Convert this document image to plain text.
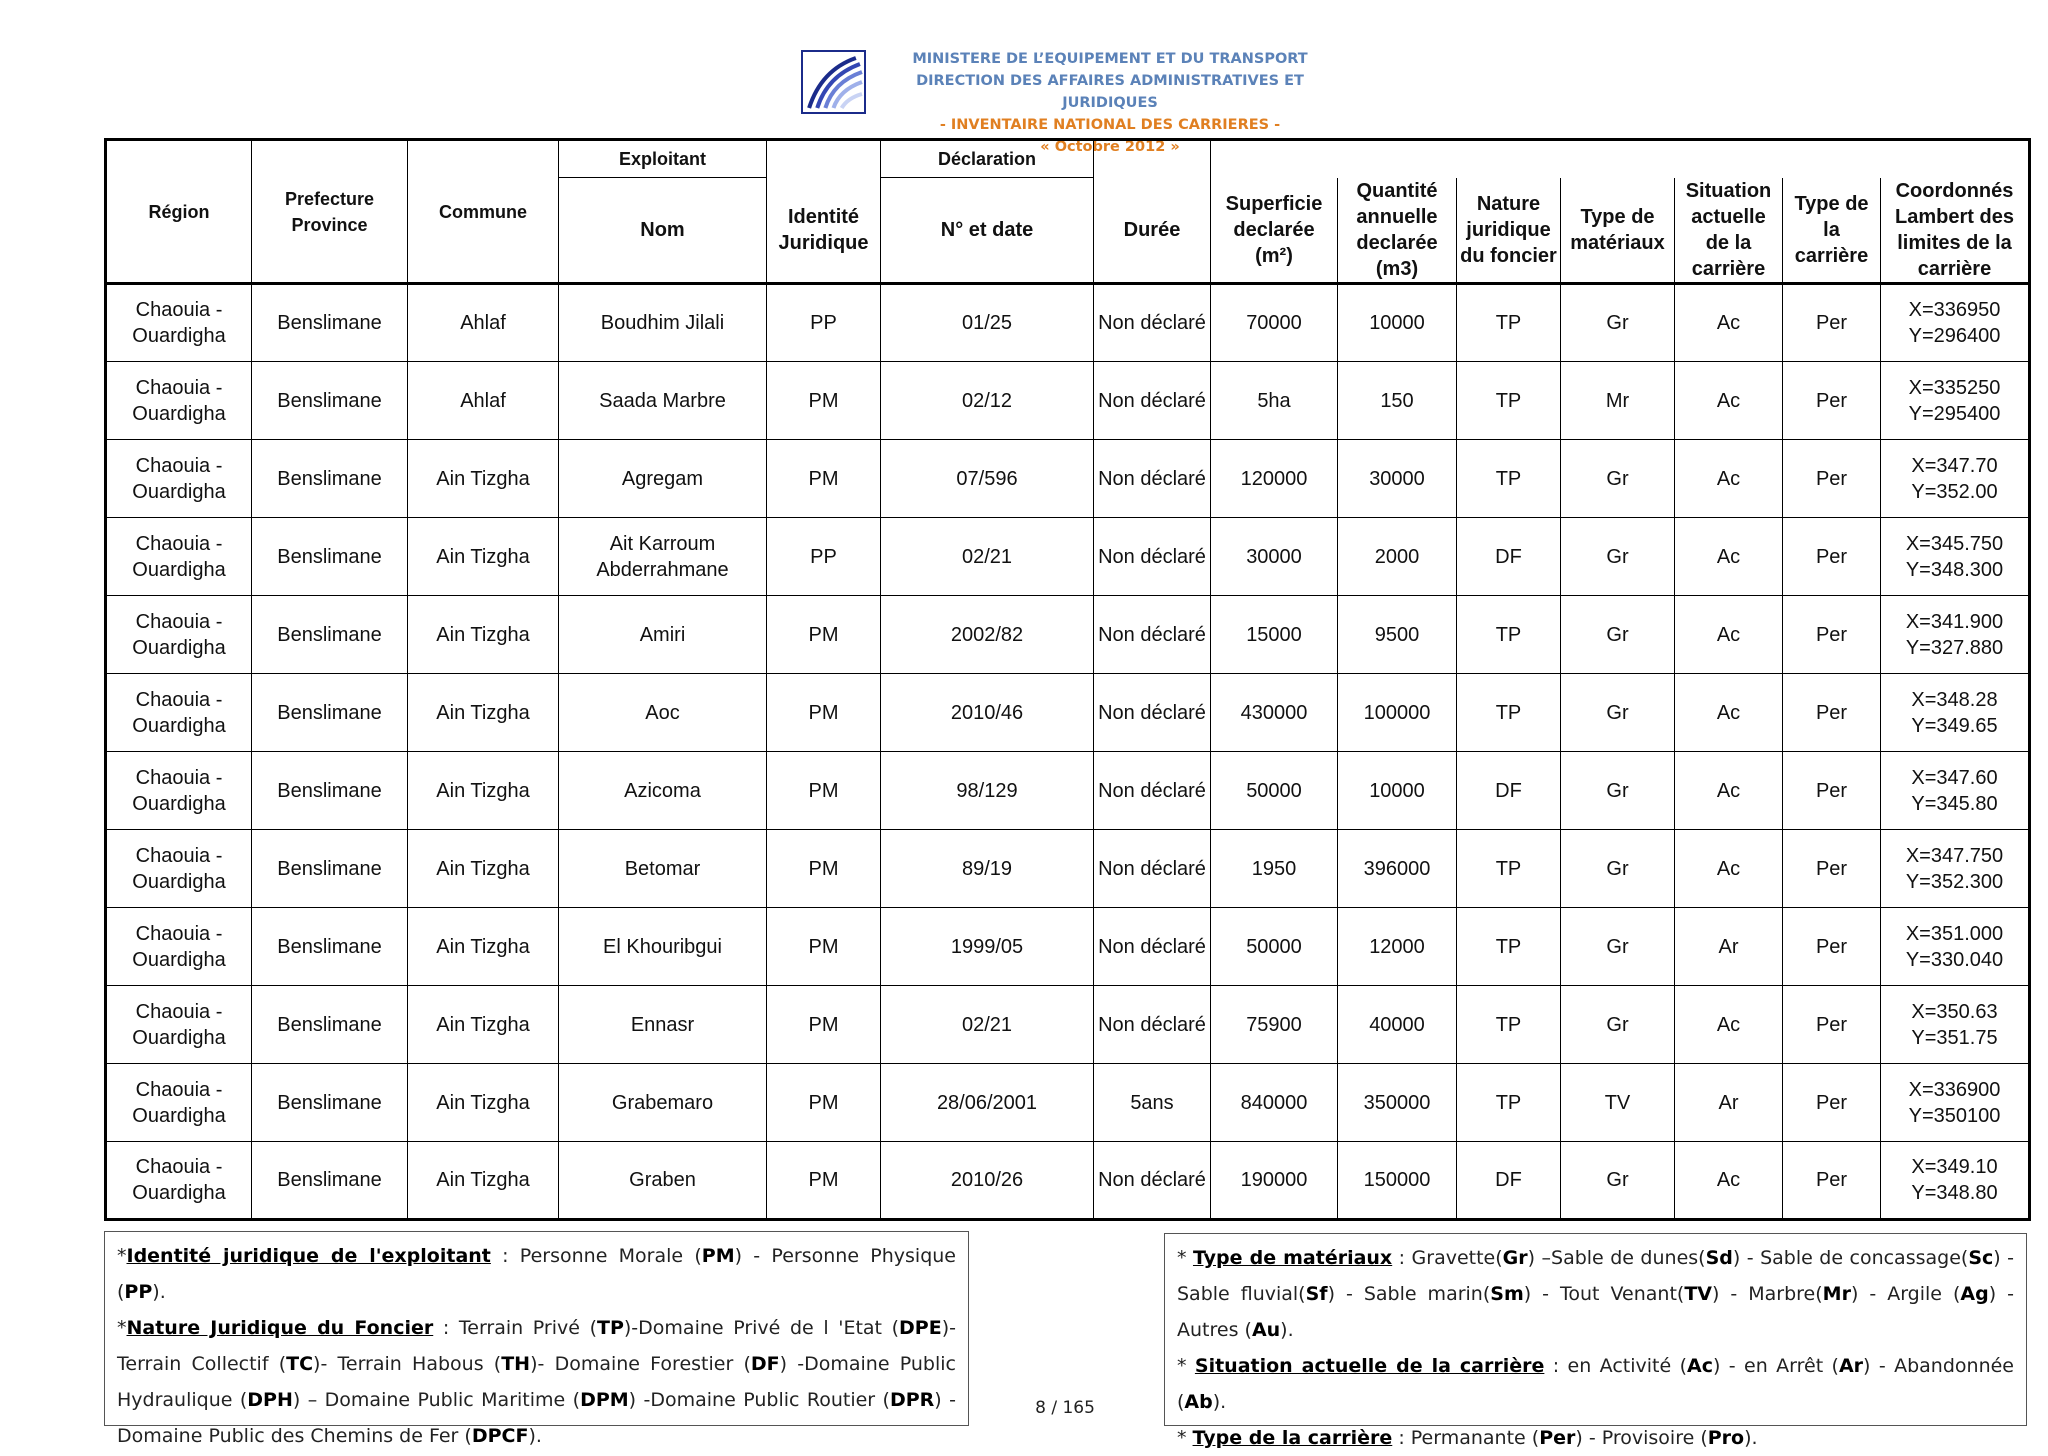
MINISTERE DE L’EQUIPEMENT ET DU TRANSPORT
DIRECTION DES AFFAIRES ADMINISTRATIVES ET JURIDIQUES
- INVENTAIRE NATIONAL DES CARRIERES -
« Octobre 2012 »
Région	Prefecture Province	Commune	Exploitant		Déclaration								
			Nom	Identité Juridique	N° et date	Durée	Superficie declarée (m²)	Quantité annuelle declarée (m3)	Nature juridique du foncier	Type de matériaux	Situation actuelle de la carrière	Type de la carrière	Coordonnés Lambert des limites de la carrière
Chaouia - Ouardigha	Benslimane	Ahlaf	Boudhim Jilali	PP	01/25	Non déclaré	70000	10000	TP	Gr	Ac	Per	X=336950 Y=296400
Chaouia - Ouardigha	Benslimane	Ahlaf	Saada Marbre	PM	02/12	Non déclaré	5ha	150	TP	Mr	Ac	Per	X=335250 Y=295400
Chaouia - Ouardigha	Benslimane	Ain Tizgha	Agregam	PM	07/596	Non déclaré	120000	30000	TP	Gr	Ac	Per	X=347.70 Y=352.00
Chaouia - Ouardigha	Benslimane	Ain Tizgha	Ait Karroum Abderrahmane	PP	02/21	Non déclaré	30000	2000	DF	Gr	Ac	Per	X=345.750 Y=348.300
Chaouia - Ouardigha	Benslimane	Ain Tizgha	Amiri	PM	2002/82	Non déclaré	15000	9500	TP	Gr	Ac	Per	X=341.900 Y=327.880
Chaouia - Ouardigha	Benslimane	Ain Tizgha	Aoc	PM	2010/46	Non déclaré	430000	100000	TP	Gr	Ac	Per	X=348.28 Y=349.65
Chaouia - Ouardigha	Benslimane	Ain Tizgha	Azicoma	PM	98/129	Non déclaré	50000	10000	DF	Gr	Ac	Per	X=347.60 Y=345.80
Chaouia - Ouardigha	Benslimane	Ain Tizgha	Betomar	PM	89/19	Non déclaré	1950	396000	TP	Gr	Ac	Per	X=347.750 Y=352.300
Chaouia - Ouardigha	Benslimane	Ain Tizgha	El Khouribgui	PM	1999/05	Non déclaré	50000	12000	TP	Gr	Ar	Per	X=351.000 Y=330.040
Chaouia - Ouardigha	Benslimane	Ain Tizgha	Ennasr	PM	02/21	Non déclaré	75900	40000	TP	Gr	Ac	Per	X=350.63 Y=351.75
Chaouia - Ouardigha	Benslimane	Ain Tizgha	Grabemaro	PM	28/06/2001	5ans	840000	350000	TP	TV	Ar	Per	X=336900 Y=350100
Chaouia - Ouardigha	Benslimane	Ain Tizgha	Graben	PM	2010/26	Non déclaré	190000	150000	DF	Gr	Ac	Per	X=349.10 Y=348.80

*Identité juridique de l'exploitant : Personne Morale (PM) - Personne Physique (PP).

*Nature Juridique du Foncier : Terrain Privé (TP)-Domaine Privé de l 'Etat (DPE)- Terrain Collectif (TC)- Terrain Habous (TH)- Domaine Forestier (DF) -Domaine Public Hydraulique (DPH) – Domaine Public Maritime (DPM) -Domaine Public Routier (DPR) - Domaine Public des Chemins de Fer (DPCF).

* Type de matériaux : Gravette(Gr) –Sable de dunes(Sd) - Sable de concassage(Sc) - Sable fluvial(Sf) - Sable marin(Sm) - Tout Venant(TV) - Marbre(Mr) - Argile (Ag) - Autres (Au).

* Situation actuelle de la carrière : en Activité (Ac) - en Arrêt (Ar) - Abandonnée (Ab).

* Type de la carrière : Permanante (Per) - Provisoire (Pro).

8 / 165
